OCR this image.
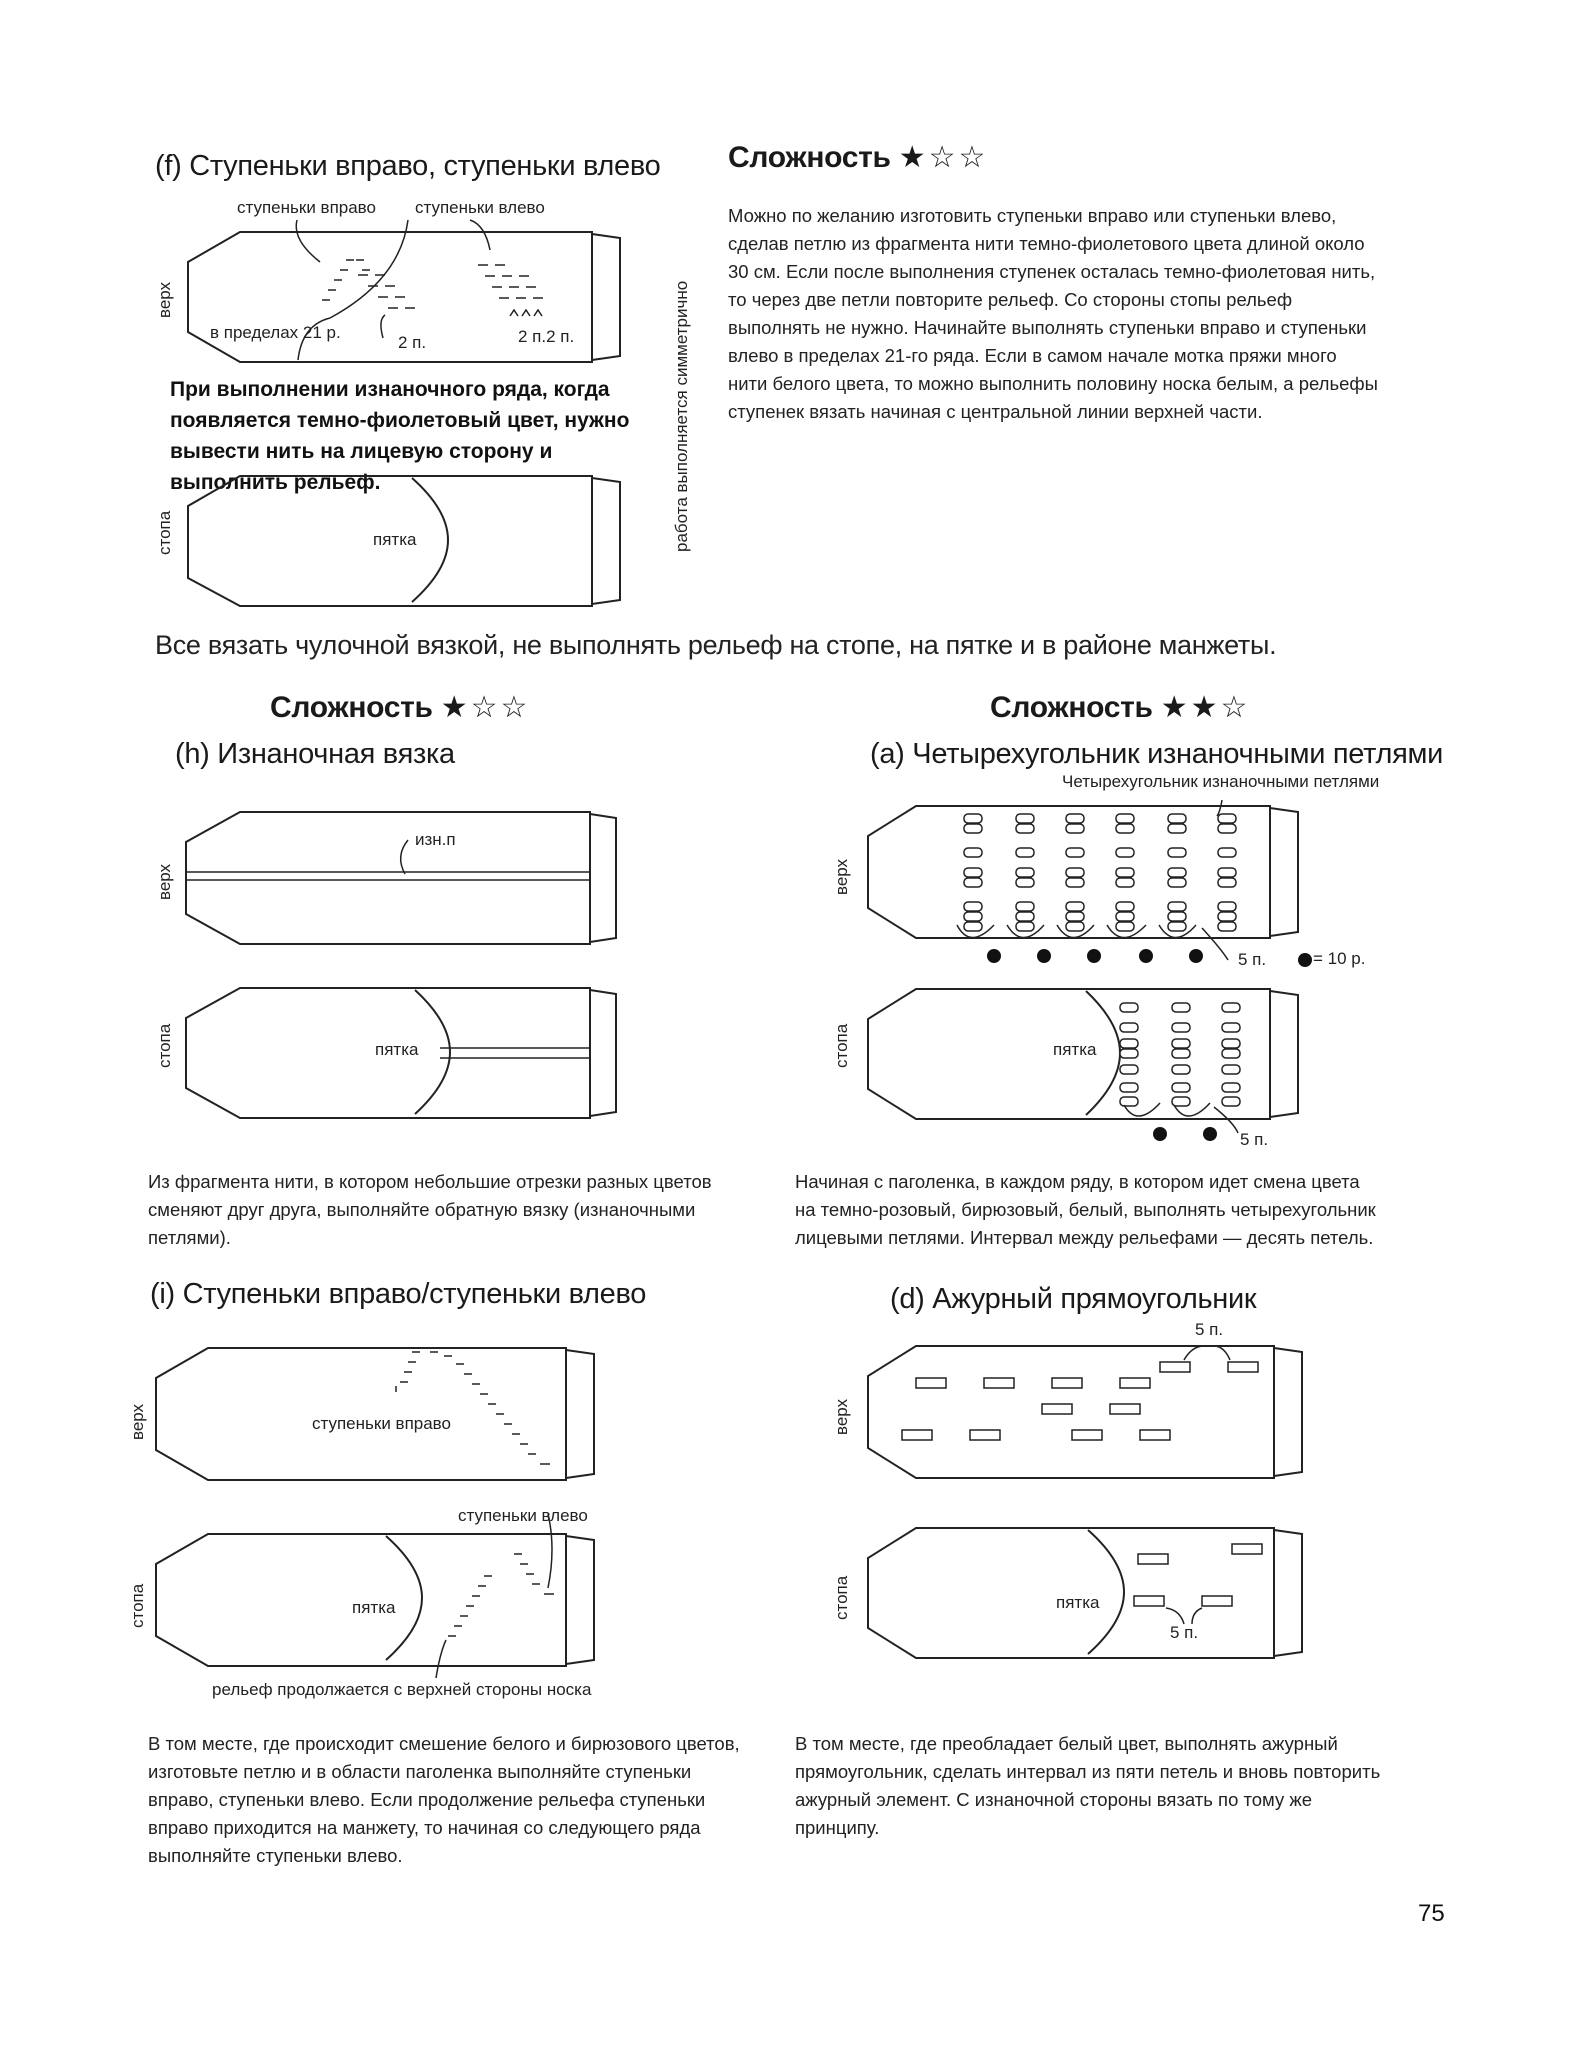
(f) Ступеньки вправо, ступеньки влево
ступеньки вправо ступеньки влево
верх
в пределах 21 р.
2 п.	2 п.2 п.
При выполнении изнаночного ряда, когда появляется темно-фиолетовый цвет, нужно вывести нить на лицевую сторону и выполнить рельеф.
стопа	пятка	работа выполняется симметрично
Сложность ★☆☆
Можно по желанию изготовить ступеньки вправо или ступеньки влево, сделав петлю из фрагмента нити темно-фиолетового цвета длиной около 30 см. Если после выполнения ступенек осталась темно-фиолетовая нить, то через две петли повторите рельеф. Со стороны стопы рельеф выполнять не нужно. Начинайте выполнять ступеньки вправо и ступеньки влево в пределах 21-го ряда. Если в самом начале мотка пряжи много нити белого цвета, то можно выполнить половину носка белым, а рельефы ступенек вязать начиная с центральной линии верхней части.
Все вязать чулочной вязкой, не выполнять рельеф на стопе, на пятке и в районе манжеты.
Сложность ★☆☆
(h) Изнаночная вязка
верх
изн.п
стопа	пятка
Из фрагмента нити, в котором небольшие отрезки разных цветов сменяют друг друга, выполняйте обратную вязку (изнаночными петлями).
Сложность ★★☆
(a) Четырехугольник изнаночными петлями
Четырехугольник изнаночными петлями
верх
5 п.	= 10 р.
стопа	пятка
5 п.
Начиная с паголенка, в каждом ряду, в котором идет смена цвета на темно-розовый, бирюзовый, белый, выполнять четырехугольник лицевыми петлями. Интервал между рельефами — десять петель.
(i) Ступеньки вправо/ступеньки влево
верх	ступеньки вправо
ступеньки влево
стопа	пятка
рельеф продолжается с верхней стороны носка
В том месте, где происходит смешение белого и бирюзового цветов, изготовьте петлю и в области паголенка выполняйте ступеньки вправо, ступеньки влево. Если продолжение рельефа ступеньки вправо приходится на манжету, то начиная со следующего ряда выполняйте ступеньки влево.
(d) Ажурный прямоугольник
5 п.
верх
стопа	пятка
5 п.
В том месте, где преобладает белый цвет, выполнять ажурный прямоугольник, сделать интервал из пяти петель и вновь повторить ажурный элемент. С изнаночной стороны вязать по тому же принципу.
75
